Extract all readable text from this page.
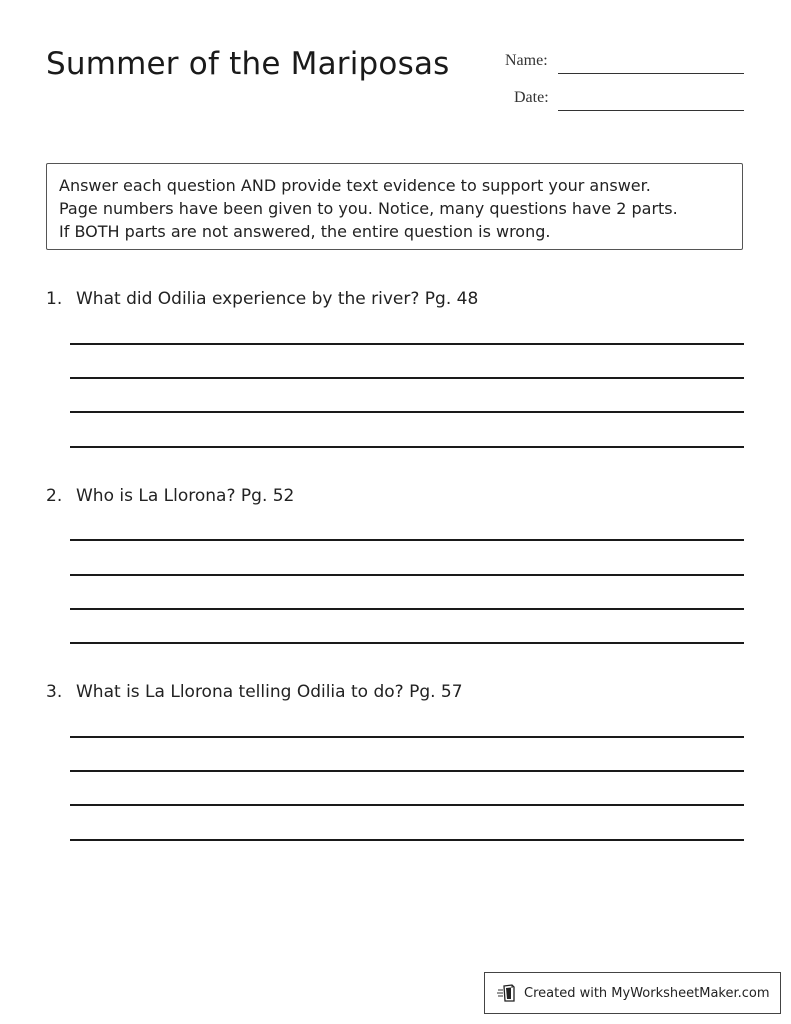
Summer of the Mariposas	Name:
Date:
Answer each question AND provide text evidence to support your answer.
Page numbers have been given to you. Notice, many questions have 2 parts.
If BOTH parts are not answered, the entire question is wrong.
1. What did Odilia experience by the river? Pg. 48
2. Who is La Llorona? Pg. 52
3. What is La Llorona telling Odilia to do? Pg. 57
Created with MyWorksheetMaker.com
